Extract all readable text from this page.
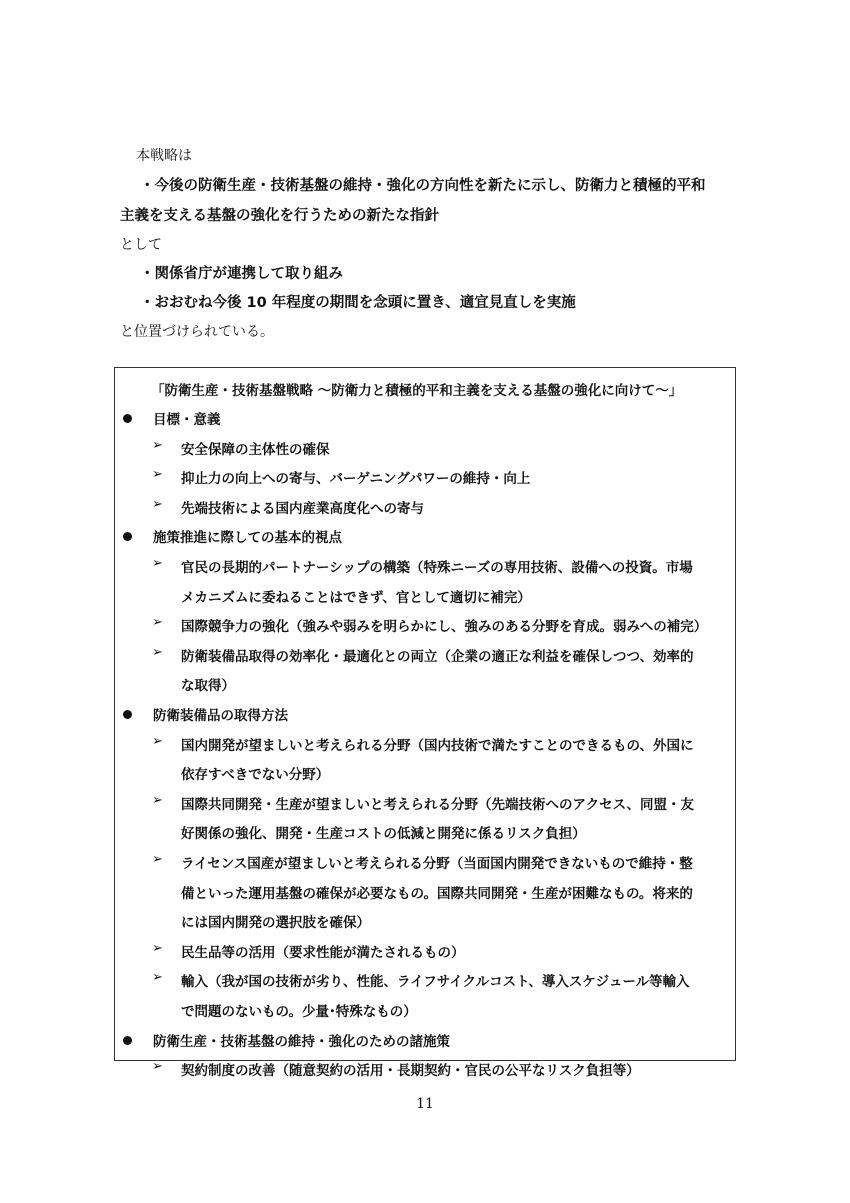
本戦略は
・今後の防衛生産・技術基盤の維持・強化の方向性を新たに示し、防衛力と積極的平和
主義を支える基盤の強化を行うための新たな指針
として
・関係省庁が連携して取り組み
・おおむね今後 10 年程度の期間を念頭に置き、適宜見直しを実施
と位置づけられている。
「防衛生産・技術基盤戦略 ～防衛力と積極的平和主義を支える基盤の強化に向けて～」
目標・意義
➢ 安全保障の主体性の確保
➢ 抑止力の向上への寄与、バーゲニングパワーの維持・向上
➢ 先端技術による国内産業高度化への寄与
施策推進に際しての基本的視点
➢ 官民の長期的パートナーシップの構築（特殊ニーズの専用技術、設備への投資。市場
メカニズムに委ねることはできず、官として適切に補完）
➢ 国際競争力の強化（強みや弱みを明らかにし、強みのある分野を育成。弱みへの補完）
➢ 防衛装備品取得の効率化・最適化との両立（企業の適正な利益を確保しつつ、効率的
な取得）
防衛装備品の取得方法
➢ 国内開発が望ましいと考えられる分野（国内技術で満たすことのできるもの、外国に
依存すべきでない分野）
➢ 国際共同開発・生産が望ましいと考えられる分野（先端技術へのアクセス、同盟・友
好関係の強化、開発・生産コストの低減と開発に係るリスク負担）
➢ ライセンス国産が望ましいと考えられる分野（当面国内開発できないもので維持・整
備といった運用基盤の確保が必要なもの。国際共同開発・生産が困難なもの。将来的
には国内開発の選択肢を確保）
➢ 民生品等の活用（要求性能が満たされるもの）
➢ 輸入（我が国の技術が劣り、性能、ライフサイクルコスト、導入スケジュール等輸入
で問題のないもの。少量･特殊なもの）
防衛生産・技術基盤の維持・強化のための諸施策
➢ 契約制度の改善（随意契約の活用・長期契約・官民の公平なリスク負担等）
11
